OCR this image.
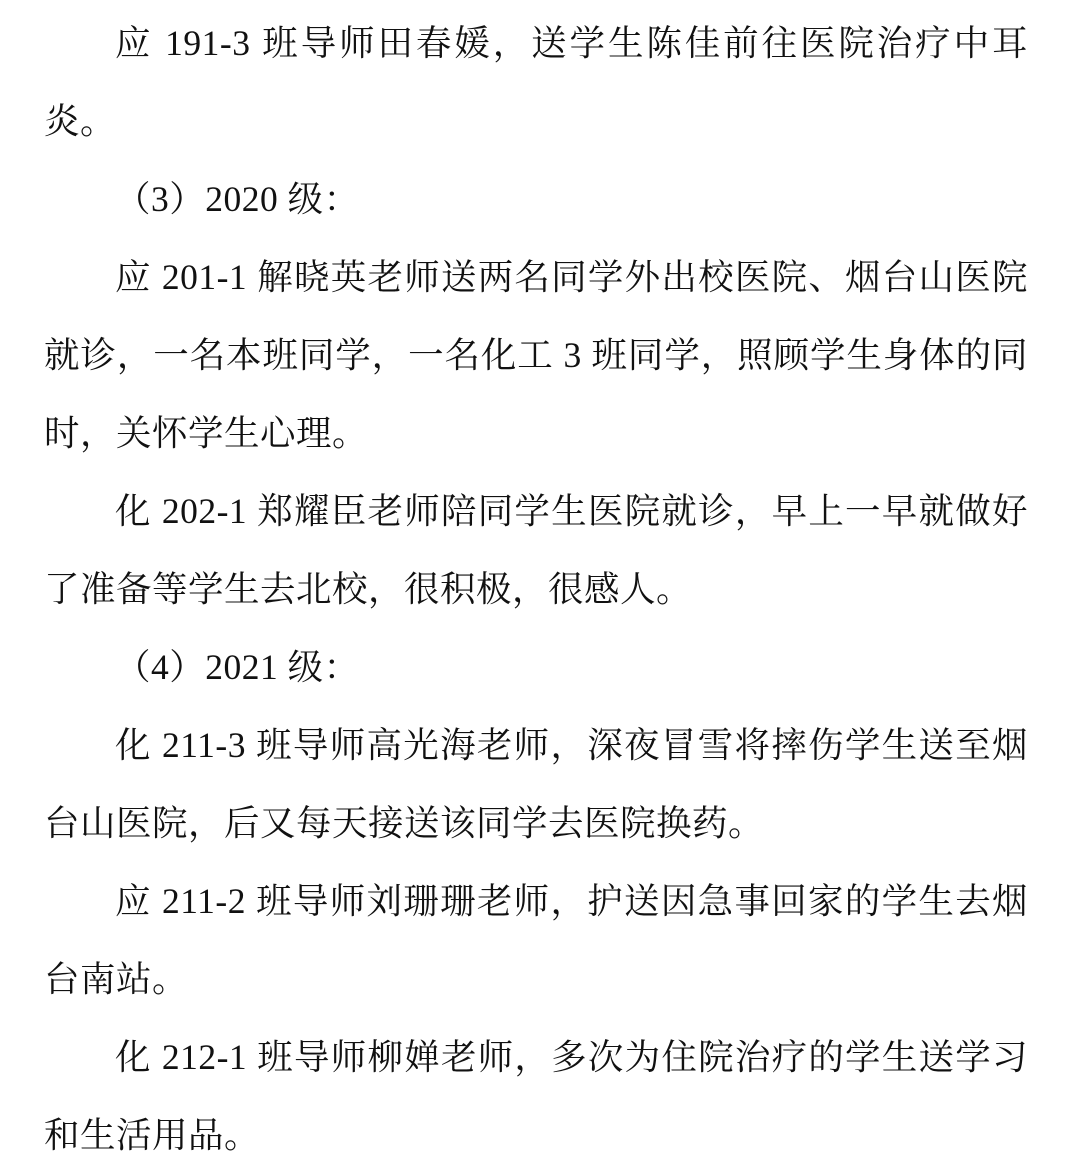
应 191-3 班导师田春媛，送学生陈佳前往医院治疗中耳炎。

（3）2020 级：

应 201-1 解晓英老师送两名同学外出校医院、烟台山医院就诊，一名本班同学，一名化工 3 班同学，照顾学生身体的同时，关怀学生心理。

化 202-1 郑耀臣老师陪同学生医院就诊，早上一早就做好了准备等学生去北校，很积极，很感人。

（4）2021 级：

化 211-3 班导师高光海老师，深夜冒雪将摔伤学生送至烟台山医院，后又每天接送该同学去医院换药。

应 211-2 班导师刘珊珊老师，护送因急事回家的学生去烟台南站。

化 212-1 班导师柳婵老师，多次为住院治疗的学生送学习和生活用品。
